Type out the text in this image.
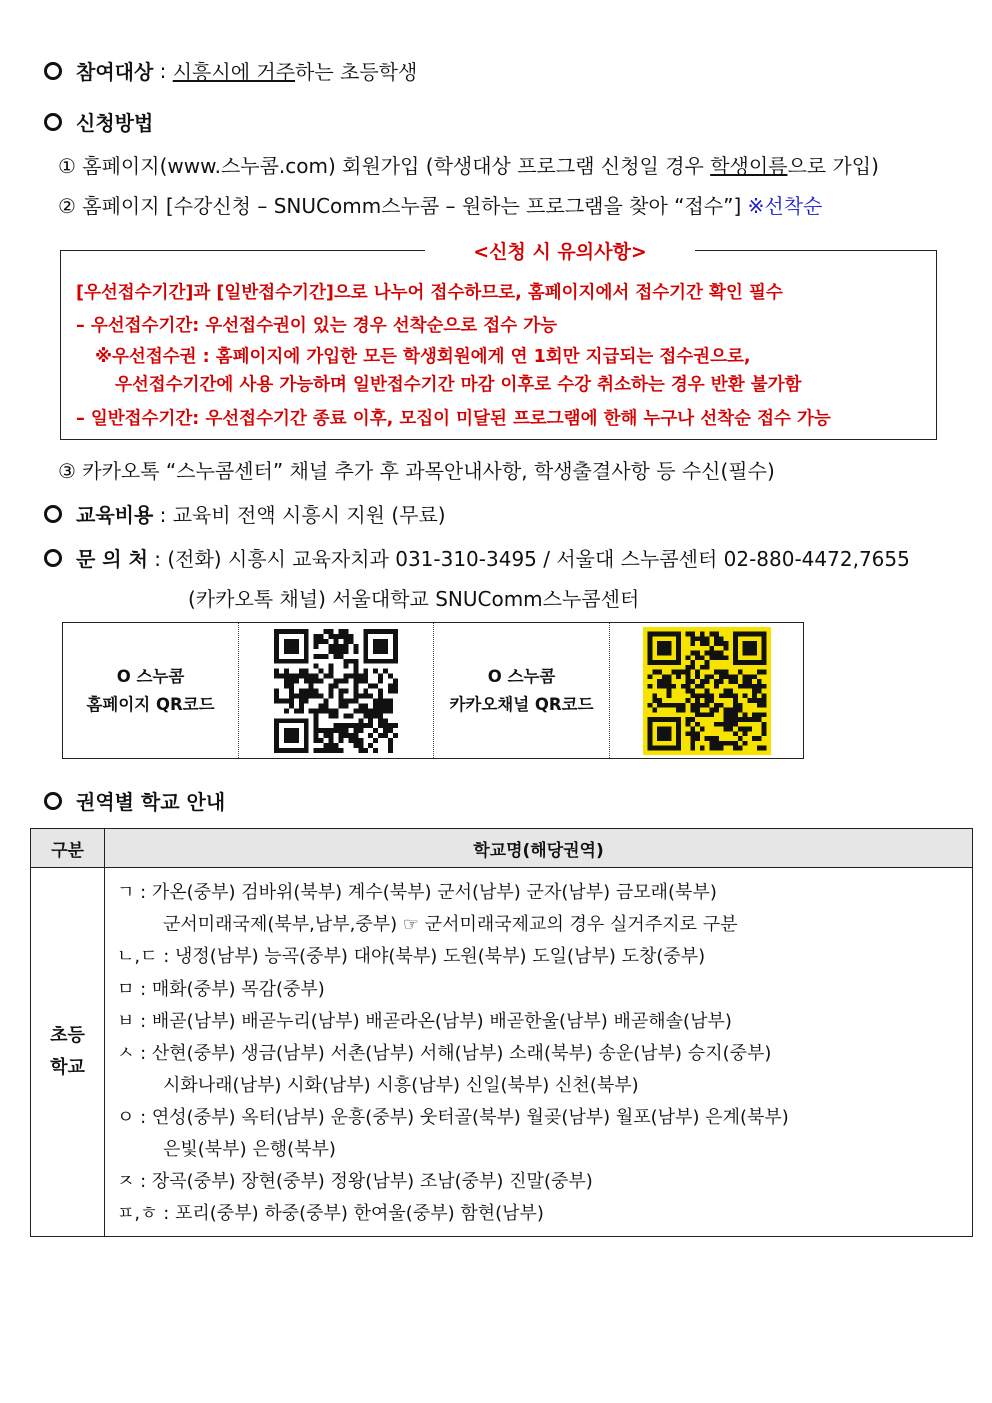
참여대상 : 시흥시에 거주 하는 초등학생
신청방법
① 홈페이지(www.스누콤.com) 회원가입 (학생대상 프로그램 신청일 경우 학생이름으로 가입)
② 홈페이지 [수강신청 – SNUComm스누콤 – 원하는 프로그램을 찾아 “접수”] ※선착순
<신청 시 유의사항>
[우선접수기간]과 [일반접수기간]으로 나누어 접수하므로, 홈페이지에서 접수기간 확인 필수
– 우선접수기간: 우선접수권이 있는 경우 선착순으로 접수 가능
※우선접수권 : 홈페이지에 가입한 모든 학생회원에게 연 1회만 지급되는 접수권으로,
우선접수기간에 사용 가능하며 일반접수기간 마감 이후로 수강 취소하는 경우 반환 불가함
– 일반접수기간: 우선접수기간 종료 이후, 모집이 미달된 프로그램에 한해 누구나 선착순 접수 가능
③ 카카오톡 “스누콤센터” 채널 추가 후 과목안내사항, 학생출결사항 등 수신(필수)
교육비용 : 교육비 전액 시흥시 지원 (무료)
문 의 처 : (전화) 시흥시 교육자치과 031-310-3495 / 서울대 스누콤센터 02-880-4472,7655
(카카오톡 채널) 서울대학교 SNUComm스누콤센터
O 스누콤
홈페이지 QR코드
O 스누콤
카카오채널 QR코드
권역별 학교 안내
구분	학교명(해당권역)
초등
학교
ㄱ : 가온(중부) 검바위(북부) 계수(북부) 군서(남부) 군자(남부) 금모래(북부)
군서미래국제(북부,남부,중부) ☞ 군서미래국제교의 경우 실거주지로 구분
ㄴ,ㄷ : 냉정(남부) 능곡(중부) 대야(북부) 도원(북부) 도일(남부) 도창(중부)
ㅁ : 매화(중부) 목감(중부)
ㅂ : 배곧(남부) 배곧누리(남부) 배곧라온(남부) 배곧한울(남부) 배곧해솔(남부)
ㅅ : 산현(중부) 생금(남부) 서촌(남부) 서해(남부) 소래(북부) 송운(남부) 승지(중부)
시화나래(남부) 시화(남부) 시흥(남부) 신일(북부) 신천(북부)
ㅇ : 연성(중부) 옥터(남부) 운흥(중부) 웃터골(북부) 월곶(남부) 월포(남부) 은계(북부)
은빛(북부) 은행(북부)
ㅈ : 장곡(중부) 장현(중부) 정왕(남부) 조남(중부) 진말(중부)
ㅍ,ㅎ : 포리(중부) 하중(중부) 한여울(중부) 함현(남부)
